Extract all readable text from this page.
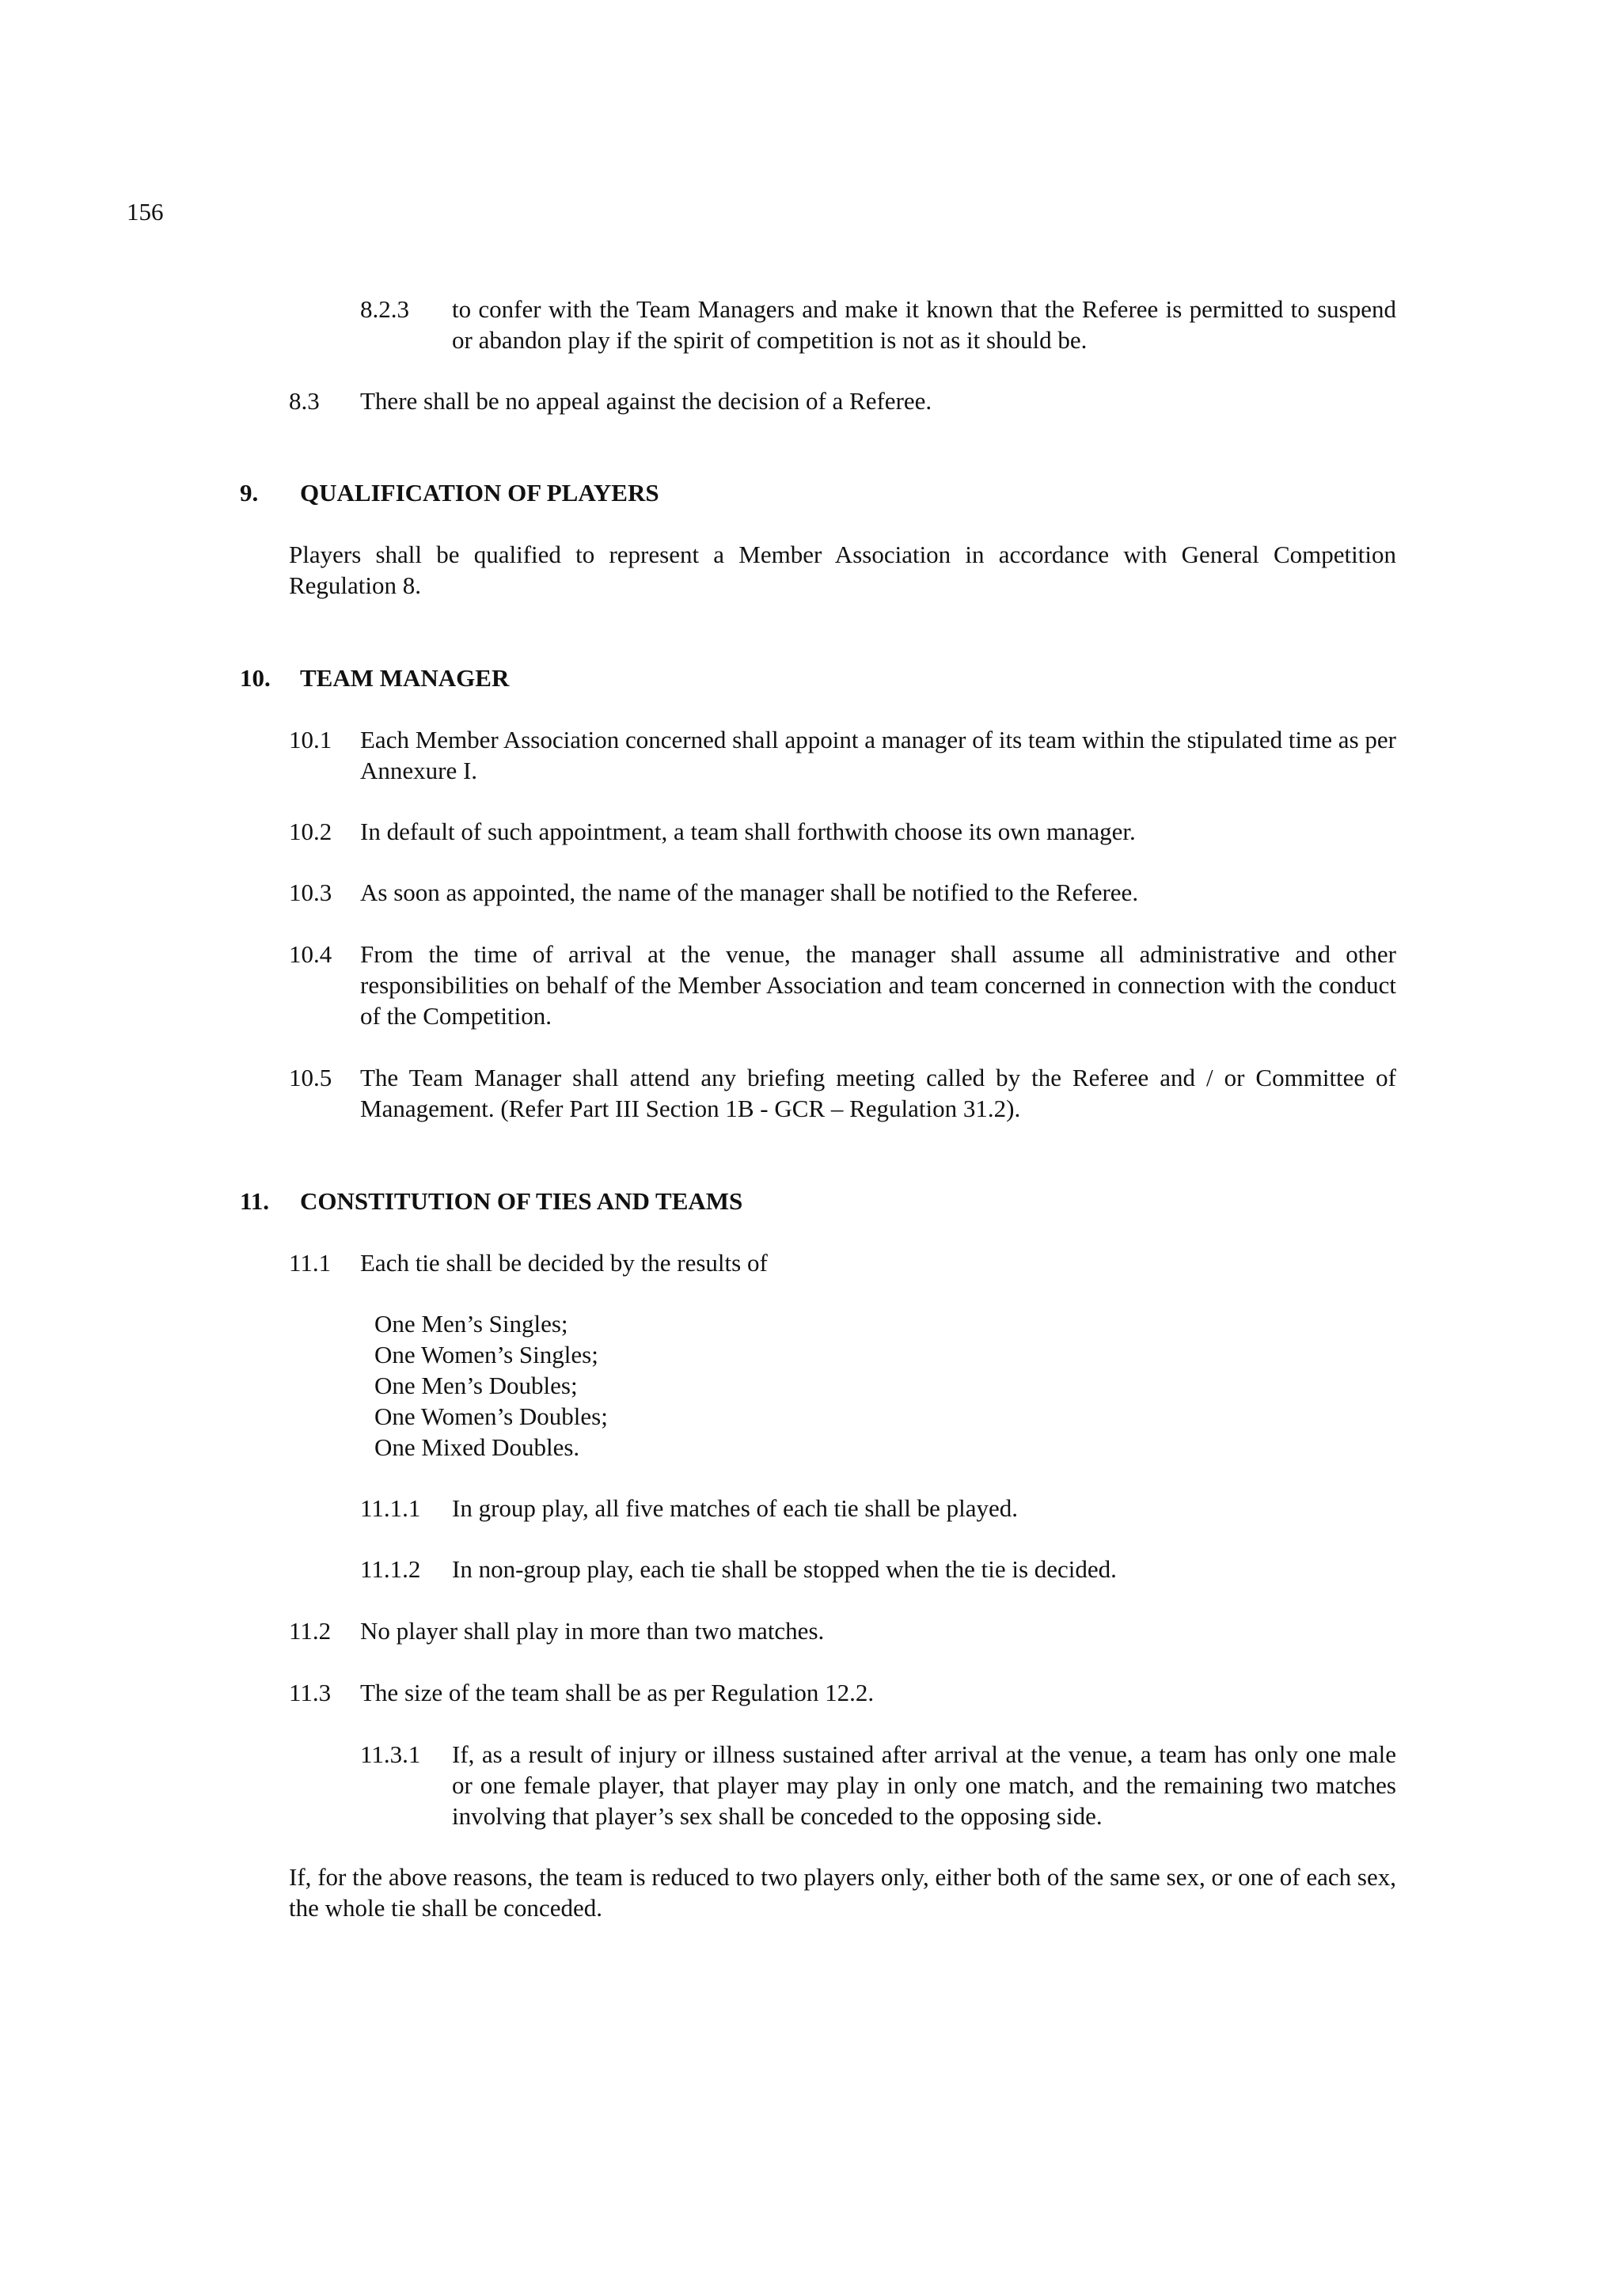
156
8.2.3	to confer with the Team Managers and make it known that the Referee is permitted to suspend or abandon play if the spirit of competition is not as it should be.
8.3	There shall be no appeal against the decision of a Referee.
9.	QUALIFICATION OF PLAYERS
Players shall be qualified to represent a Member Association in accordance with General Competition Regulation 8.
10.	TEAM MANAGER
10.1	Each Member Association concerned shall appoint a manager of its team within the stipulated time as per Annexure I.
10.2	In default of such appointment, a team shall forthwith choose its own manager.
10.3	As soon as appointed, the name of the manager shall be notified to the Referee.
10.4	From the time of arrival at the venue, the manager shall assume all administrative and other responsibilities on behalf of the Member Association and team concerned in connection with the conduct of the Competition.
10.5	The Team Manager shall attend any briefing meeting called by the Referee and / or Committee of Management. (Refer Part III Section 1B - GCR – Regulation 31.2).
11.	CONSTITUTION OF TIES AND TEAMS
11.1	Each tie shall be decided by the results of
One Men’s Singles;
One Women’s Singles;
One Men’s Doubles;
One Women’s Doubles;
One Mixed Doubles.
11.1.1	In group play, all five matches of each tie shall be played.
11.1.2	In non-group play, each tie shall be stopped when the tie is decided.
11.2	No player shall play in more than two matches.
11.3	The size of the team shall be as per Regulation 12.2.
11.3.1	If, as a result of injury or illness sustained after arrival at the venue, a team has only one male or one female player, that player may play in only one match, and the remaining two matches involving that player’s sex shall be conceded to the opposing side.
If, for the above reasons, the team is reduced to two players only, either both of the same sex, or one of each sex, the whole tie shall be conceded.
